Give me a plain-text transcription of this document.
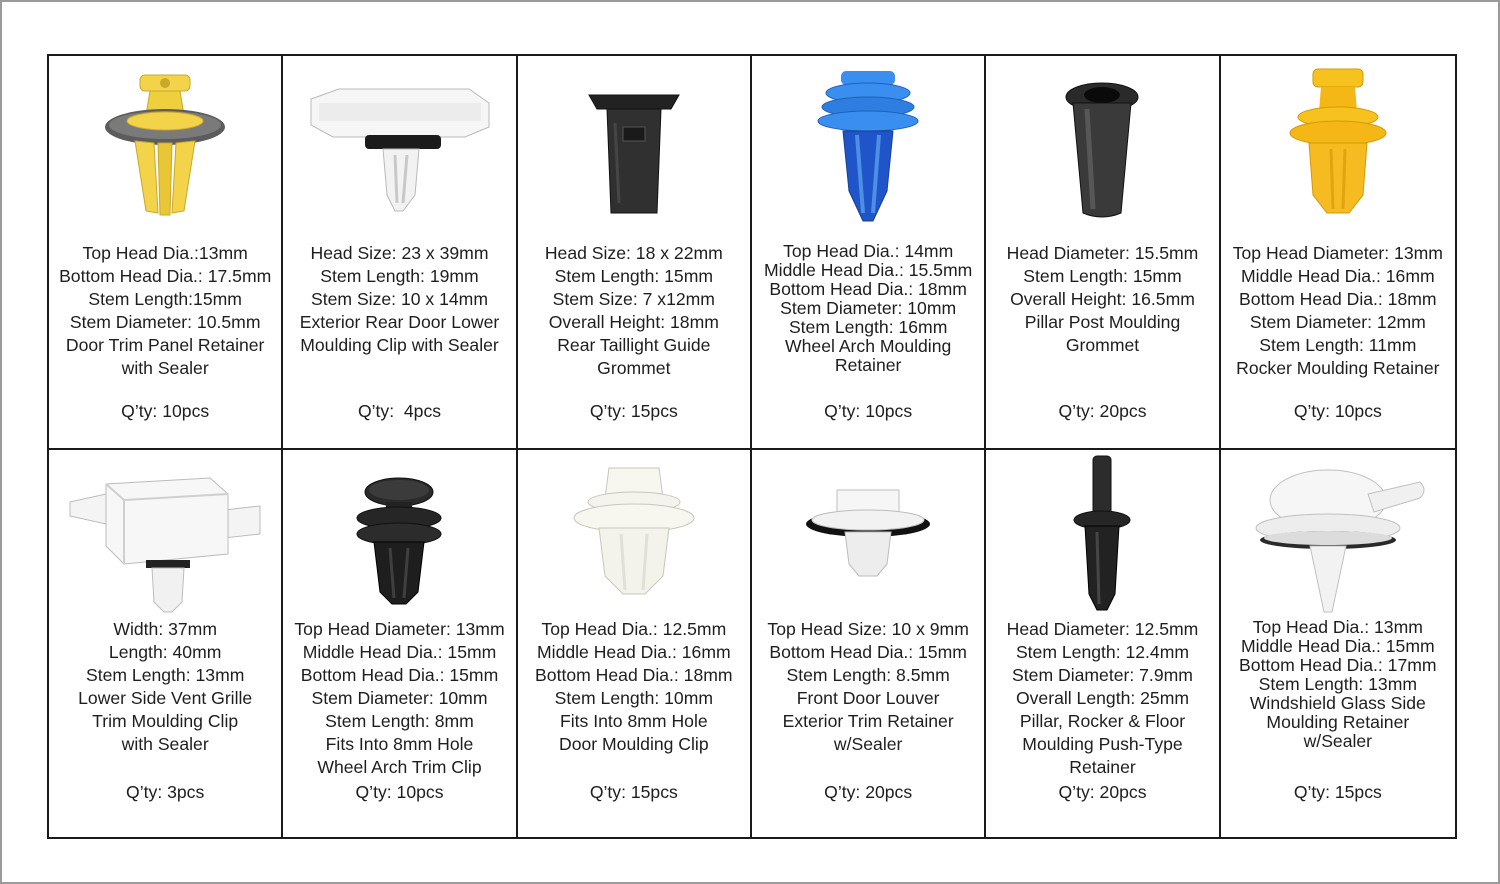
Top Head Dia.:13mm
Bottom Head Dia.: 17.5mm
Stem Length:15mm
Stem Diameter: 10.5mm
Door Trim Panel Retainer
with Sealer
Q’ty: 10pcs
Head Size: 23 x 39mm
Stem Length: 19mm
Stem Size: 10 x 14mm
Exterior Rear Door Lower
Moulding Clip with Sealer
Q’ty:  4pcs
Head Size: 18 x 22mm
Stem Length: 15mm
Stem Size: 7 x12mm
Overall Height: 18mm
Rear Taillight Guide
Grommet
Q’ty: 15pcs
Top Head Dia.: 14mm
Middle Head Dia.: 15.5mm
Bottom Head Dia.: 18mm
Stem Diameter: 10mm
Stem Length: 16mm
Wheel Arch Moulding
Retainer
Q’ty: 10pcs
Head Diameter: 15.5mm
Stem Length: 15mm
Overall Height: 16.5mm
Pillar Post Moulding
Grommet
Q’ty: 20pcs
Top Head Diameter: 13mm
Middle Head Dia.: 16mm
Bottom Head Dia.: 18mm
Stem Diameter: 12mm
Stem Length: 11mm
Rocker Moulding Retainer
Q’ty: 10pcs
Width: 37mm
Length: 40mm
Stem Length: 13mm
Lower Side Vent Grille
Trim Moulding Clip
with Sealer
Q’ty: 3pcs
Top Head Diameter: 13mm
Middle Head Dia.: 15mm
Bottom Head Dia.: 15mm
Stem Diameter: 10mm
Stem Length: 8mm
Fits Into 8mm Hole
Wheel Arch Trim Clip
Q’ty: 10pcs
Top Head Dia.: 12.5mm
Middle Head Dia.: 16mm
Bottom Head Dia.: 18mm
Stem Length: 10mm
Fits Into 8mm Hole
Door Moulding Clip
Q’ty: 15pcs
Top Head Size: 10 x 9mm
Bottom Head Dia.: 15mm
Stem Length: 8.5mm
Front Door Louver
Exterior Trim Retainer
w/Sealer
Q’ty: 20pcs
Head Diameter: 12.5mm
Stem Length: 12.4mm
Stem Diameter: 7.9mm
Overall Length: 25mm
Pillar, Rocker & Floor
Moulding Push-Type
Retainer
Q’ty: 20pcs
Top Head Dia.: 13mm
Middle Head Dia.: 15mm
Bottom Head Dia.: 17mm
Stem Length: 13mm
Windshield Glass Side
Moulding Retainer
w/Sealer
Q’ty: 15pcs
